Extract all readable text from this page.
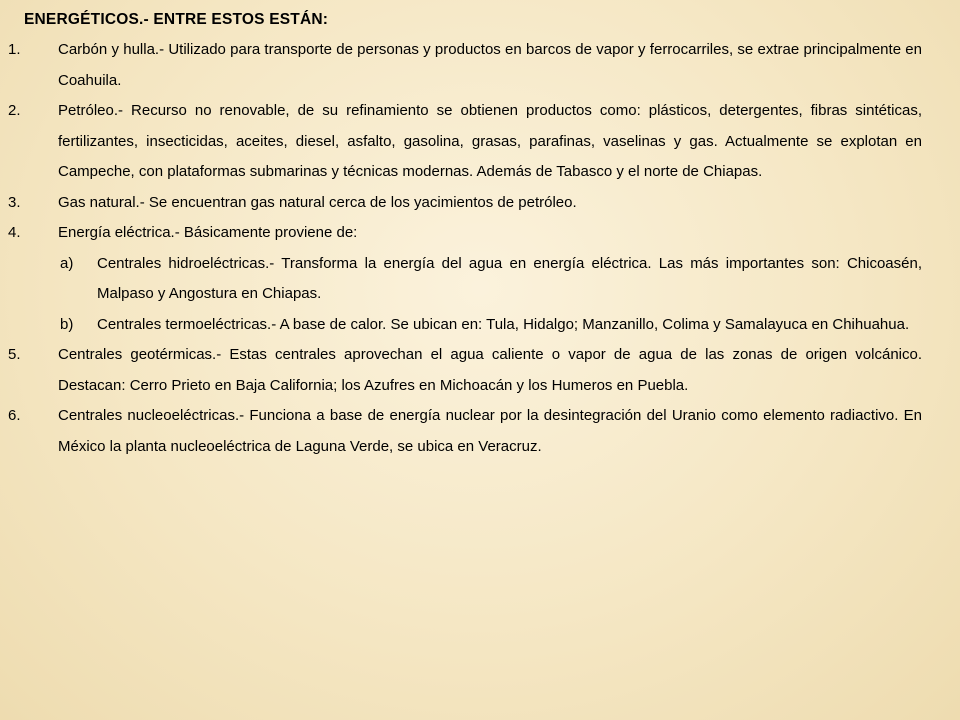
ENERGÉTICOS.- ENTRE ESTOS ESTÁN:
1. Carbón y hulla.- Utilizado para transporte de personas y productos en barcos de vapor y ferrocarriles, se extrae principalmente en Coahuila.
2. Petróleo.- Recurso no renovable, de su refinamiento se obtienen productos como: plásticos, detergentes, fibras sintéticas, fertilizantes, insecticidas, aceites, diesel, asfalto, gasolina, grasas, parafinas, vaselinas y gas. Actualmente se explotan en Campeche, con plataformas submarinas y técnicas modernas. Además de Tabasco y el norte de Chiapas.
3. Gas natural.- Se encuentran gas natural cerca de los yacimientos de petróleo.
4. Energía eléctrica.- Básicamente proviene de:
a) Centrales hidroeléctricas.- Transforma la energía del agua en energía eléctrica. Las más importantes son: Chicoasén, Malpaso y Angostura en Chiapas.
b) Centrales termoeléctricas.- A base de calor. Se ubican en: Tula, Hidalgo; Manzanillo, Colima y Samalayuca en Chihuahua.
5. Centrales geotérmicas.- Estas centrales aprovechan el agua caliente o vapor de agua de las zonas de origen volcánico. Destacan: Cerro Prieto en Baja California; los Azufres en Michoacán y los Humeros en Puebla.
6. Centrales nucleoeléctricas.- Funciona a base de energía nuclear por la desintegración del Uranio como elemento radiactivo. En México la planta nucleoeléctrica de Laguna Verde, se ubica en Veracruz.
